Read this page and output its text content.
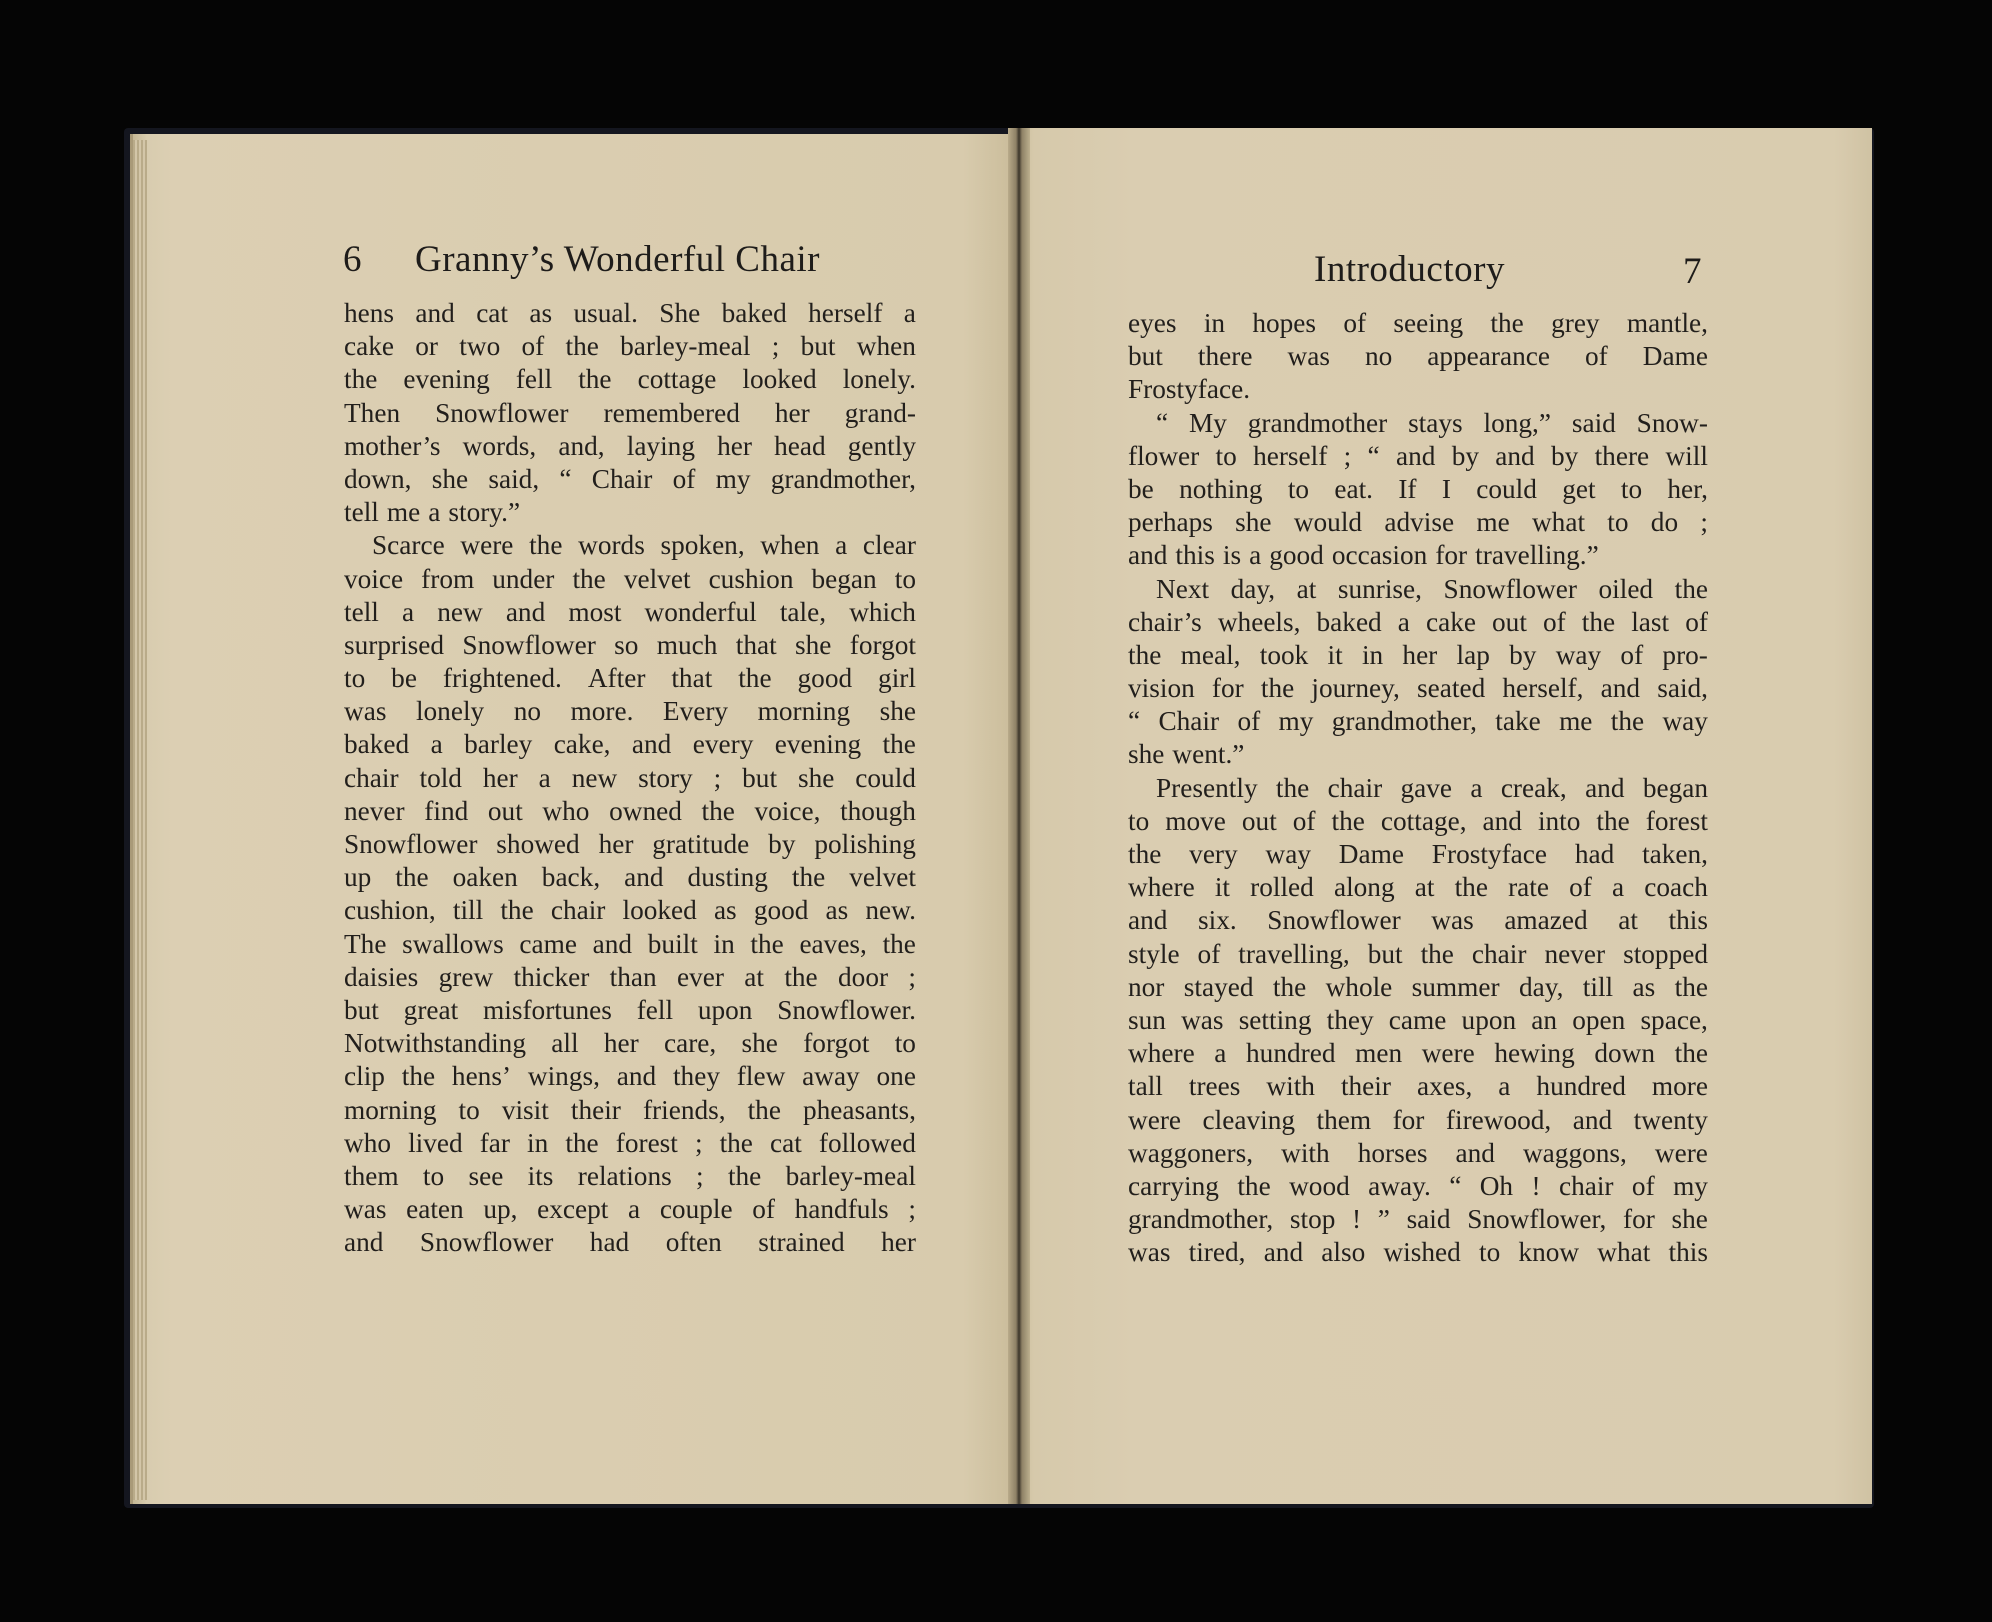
6 Granny’s Wonderful Chair	Introductory	7
hens and cat as usual. She baked herself a
cake or two of the barley-meal ; but when
the evening fell the cottage looked lonely.
Then Snowflower remembered her grand-
mother’s words, and, laying her head gently
down, she said, “ Chair of my grandmother,
tell me a story.”
Scarce were the words spoken, when a clear
voice from under the velvet cushion began to
tell a new and most wonderful tale, which
surprised Snowflower so much that she forgot
to be frightened. After that the good girl
was lonely no more. Every morning she
baked a barley cake, and every evening the
chair told her a new story ; but she could
never find out who owned the voice, though
Snowflower showed her gratitude by polishing
up the oaken back, and dusting the velvet
cushion, till the chair looked as good as new.
The swallows came and built in the eaves, the
daisies grew thicker than ever at the door ;
but great misfortunes fell upon Snowflower.
Notwithstanding all her care, she forgot to
clip the hens’ wings, and they flew away one
morning to visit their friends, the pheasants,
who lived far in the forest ; the cat followed
them to see its relations ; the barley-meal
was eaten up, except a couple of handfuls ;
and Snowflower had often strained her
eyes in hopes of seeing the grey mantle,
but there was no appearance of Dame
Frostyface.
“ My grandmother stays long,” said Snow-
flower to herself ; “ and by and by there will
be nothing to eat. If I could get to her,
perhaps she would advise me what to do ;
and this is a good occasion for travelling.”
Next day, at sunrise, Snowflower oiled the
chair’s wheels, baked a cake out of the last of
the meal, took it in her lap by way of pro-
vision for the journey, seated herself, and said,
“ Chair of my grandmother, take me the way
she went.”
Presently the chair gave a creak, and began
to move out of the cottage, and into the forest
the very way Dame Frostyface had taken,
where it rolled along at the rate of a coach
and six. Snowflower was amazed at this
style of travelling, but the chair never stopped
nor stayed the whole summer day, till as the
sun was setting they came upon an open space,
where a hundred men were hewing down the
tall trees with their axes, a hundred more
were cleaving them for firewood, and twenty
waggoners, with horses and waggons, were
carrying the wood away. “ Oh ! chair of my
grandmother, stop ! ” said Snowflower, for she
was tired, and also wished to know what this
